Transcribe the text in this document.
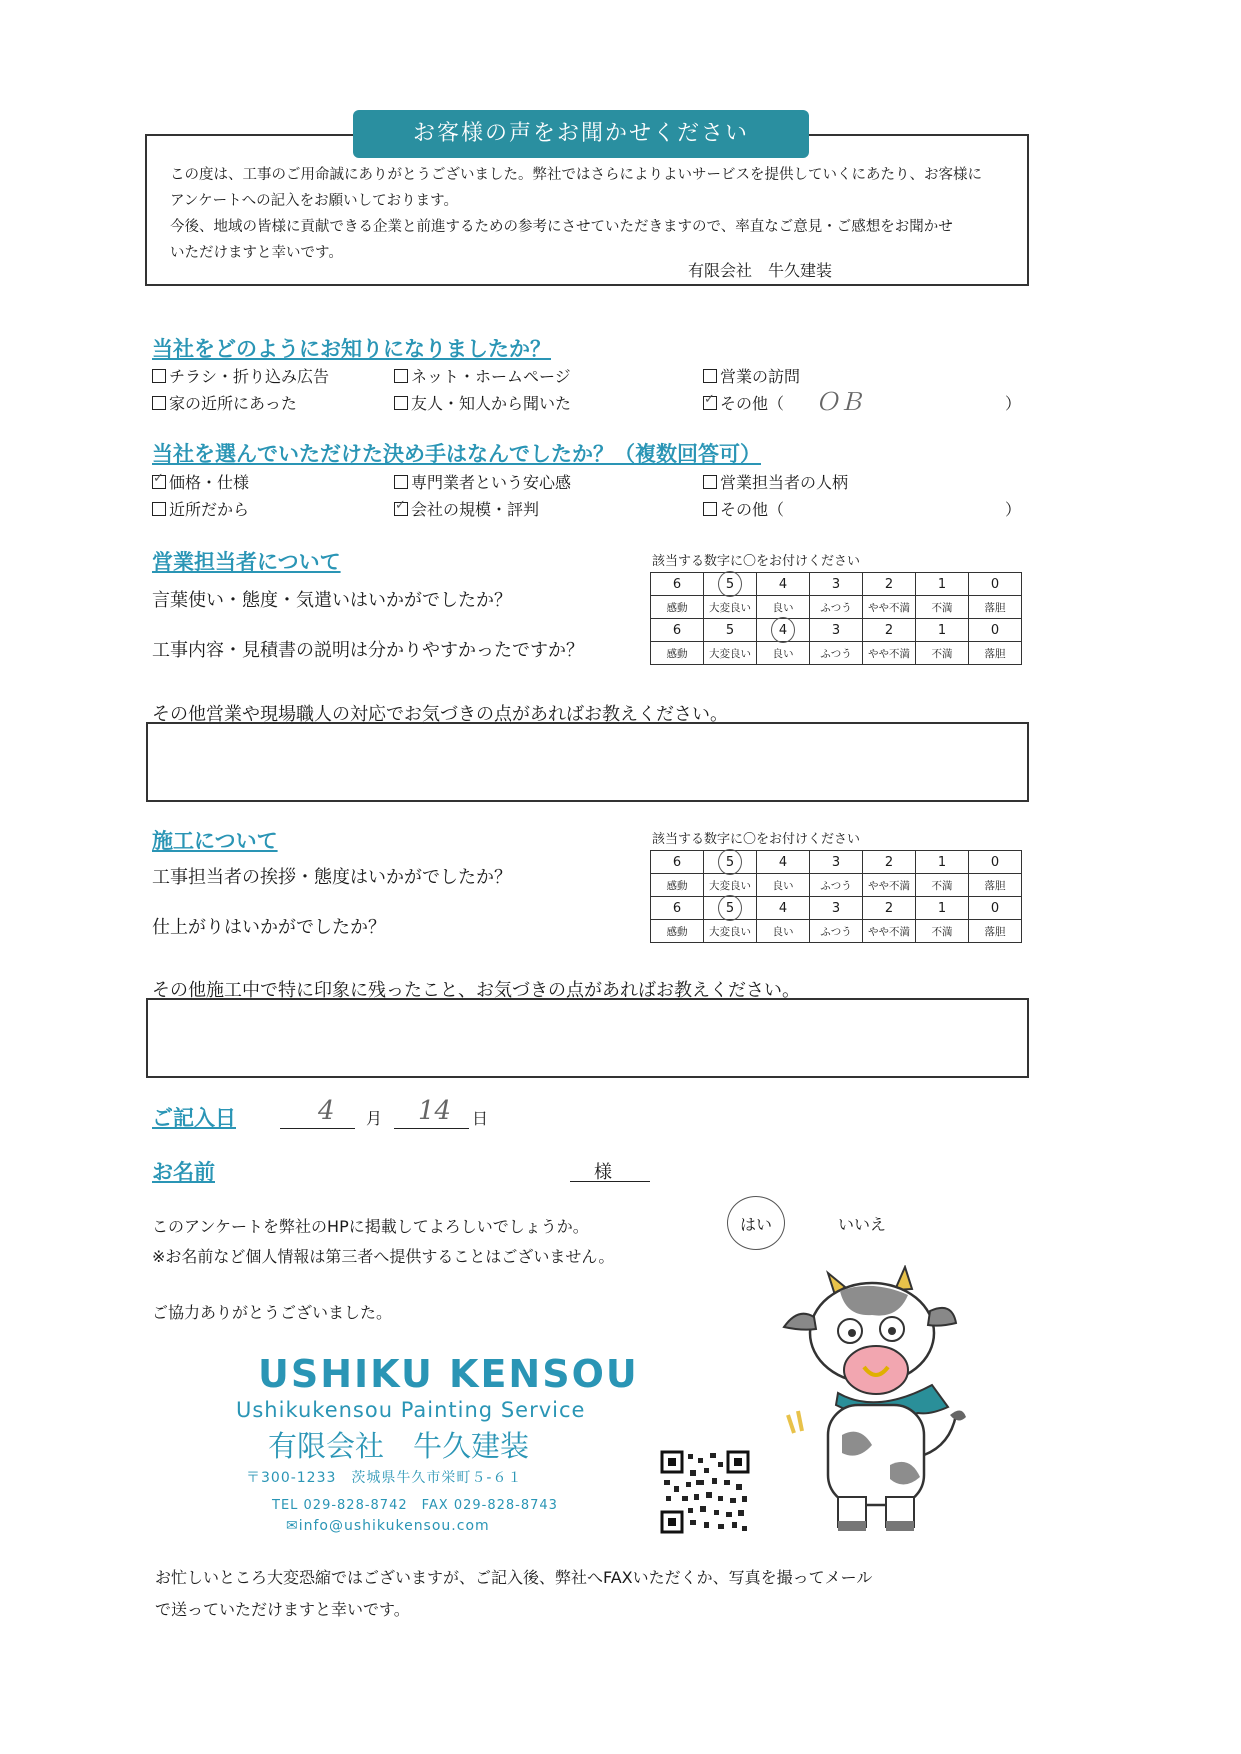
お客様の声をお聞かせください
この度は、工事のご用命誠にありがとうございました。弊社ではさらによりよいサービスを提供していくにあたり、お客様に
アンケートへの記入をお願いしております。
今後、地域の皆様に貢献できる企業と前進するための参考にさせていただきますので、率直なご意見・ご感想をお聞かせ
いただけますと幸いです。
有限会社　牛久建装
当社をどのようにお知りになりましたか？
チラシ・折り込み広告	ネット・ホームページ	営業の訪問
家の近所にあった	友人・知人から聞いた ✓	その他（ ＯＢ	）
当社を選んでいただけた決め手はなんでしたか？（複数回答可）
✓価格・仕様	専門業者という安心感	営業担当者の人柄
近所だから ✓	会社の規模・評判	その他（	）
営業担当者について	該当する数字に〇をお付けください
言葉使い・態度・気遣いはいかがでしたか？
工事内容・見積書の説明は分かりやすかったですか？
6	5	4	3	2	1	0
感動	大変良い	良い	ふつう	やや不満	不満	落胆
6	5	4	3	2	1	0
感動	大変良い	良い	ふつう	やや不満	不満	落胆
その他営業や現場職人の対応でお気づきの点があればお教えください。
施工について	該当する数字に〇をお付けください
工事担当者の挨拶・態度はいかがでしたか？
仕上がりはいかがでしたか？
6	5	4	3	2	1	0
感動	大変良い	良い	ふつう	やや不満	不満	落胆
6	5	4	3	2	1	0
感動	大変良い	良い	ふつう	やや不満	不満	落胆
その他施工中で特に印象に残ったこと、お気づきの点があればお教えください。
ご記入日	4 月 14 日
お名前	様
このアンケートを弊社のHPに掲載してよろしいでしょうか。
※お名前など個人情報は第三者へ提供することはございません。
はい	いいえ
ご協力ありがとうございました。
USHIKU KENSOU
Ushikukensou Painting Service
有限会社　牛久建装
〒300-1233　茨城県牛久市栄町５-６１
TEL 029-828-8742　FAX 029-828-8743
✉info@ushikukensou.com
お忙しいところ大変恐縮ではございますが、ご記入後、弊社へFAXいただくか、写真を撮ってメール
で送っていただけますと幸いです。
